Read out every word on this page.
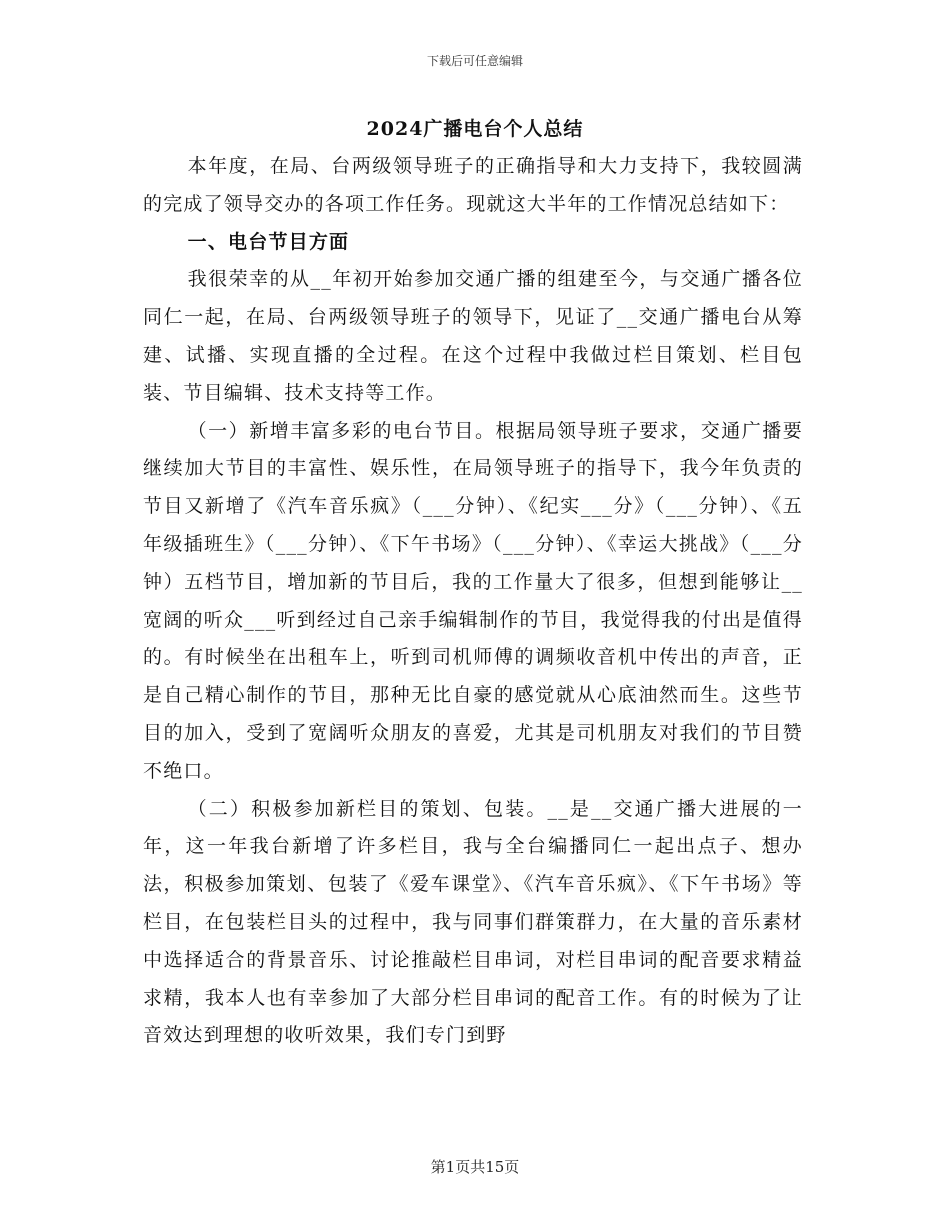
下载后可任意编辑
2024广播电台个人总结

本年度，在局、台两级领导班子的正确指导和大力支持下，我较圆满的完成了领导交办的各项工作任务。现就这大半年的工作情况总结如下：

一、电台节目方面

我很荣幸的从__年初开始参加交通广播的组建至今，与交通广播各位同仁一起，在局、台两级领导班子的领导下，见证了__交通广播电台从筹建、试播、实现直播的全过程。在这个过程中我做过栏目策划、栏目包装、节目编辑、技术支持等工作。

（一）新增丰富多彩的电台节目。根据局领导班子要求，交通广播要继续加大节目的丰富性、娱乐性，在局领导班子的指导下，我今年负责的节目又新增了《汽车音乐疯》（___分钟）、《纪实___分》（___分钟）、《五年级插班生》（___分钟）、《下午书场》（___分钟）、《幸运大挑战》（___分钟）五档节目，增加新的节目后，我的工作量大了很多，但想到能够让__宽阔的听众___听到经过自己亲手编辑制作的节目，我觉得我的付出是值得的。有时候坐在出租车上，听到司机师傅的调频收音机中传出的声音，正是自己精心制作的节目，那种无比自豪的感觉就从心底油然而生。这些节目的加入，受到了宽阔听众朋友的喜爱，尤其是司机朋友对我们的节目赞不绝口。

（二）积极参加新栏目的策划、包装。__是__交通广播大进展的一年，这一年我台新增了许多栏目，我与全台编播同仁一起出点子、想办法，积极参加策划、包装了《爱车课堂》、《汽车音乐疯》、《下午书场》等栏目，在包装栏目头的过程中，我与同事们群策群力，在大量的音乐素材中选择适合的背景音乐、讨论推敲栏目串词，对栏目串词的配音要求精益求精，我本人也有幸参加了大部分栏目串词的配音工作。有的时候为了让音效达到理想的收听效果，我们专门到野

第1页共15页
